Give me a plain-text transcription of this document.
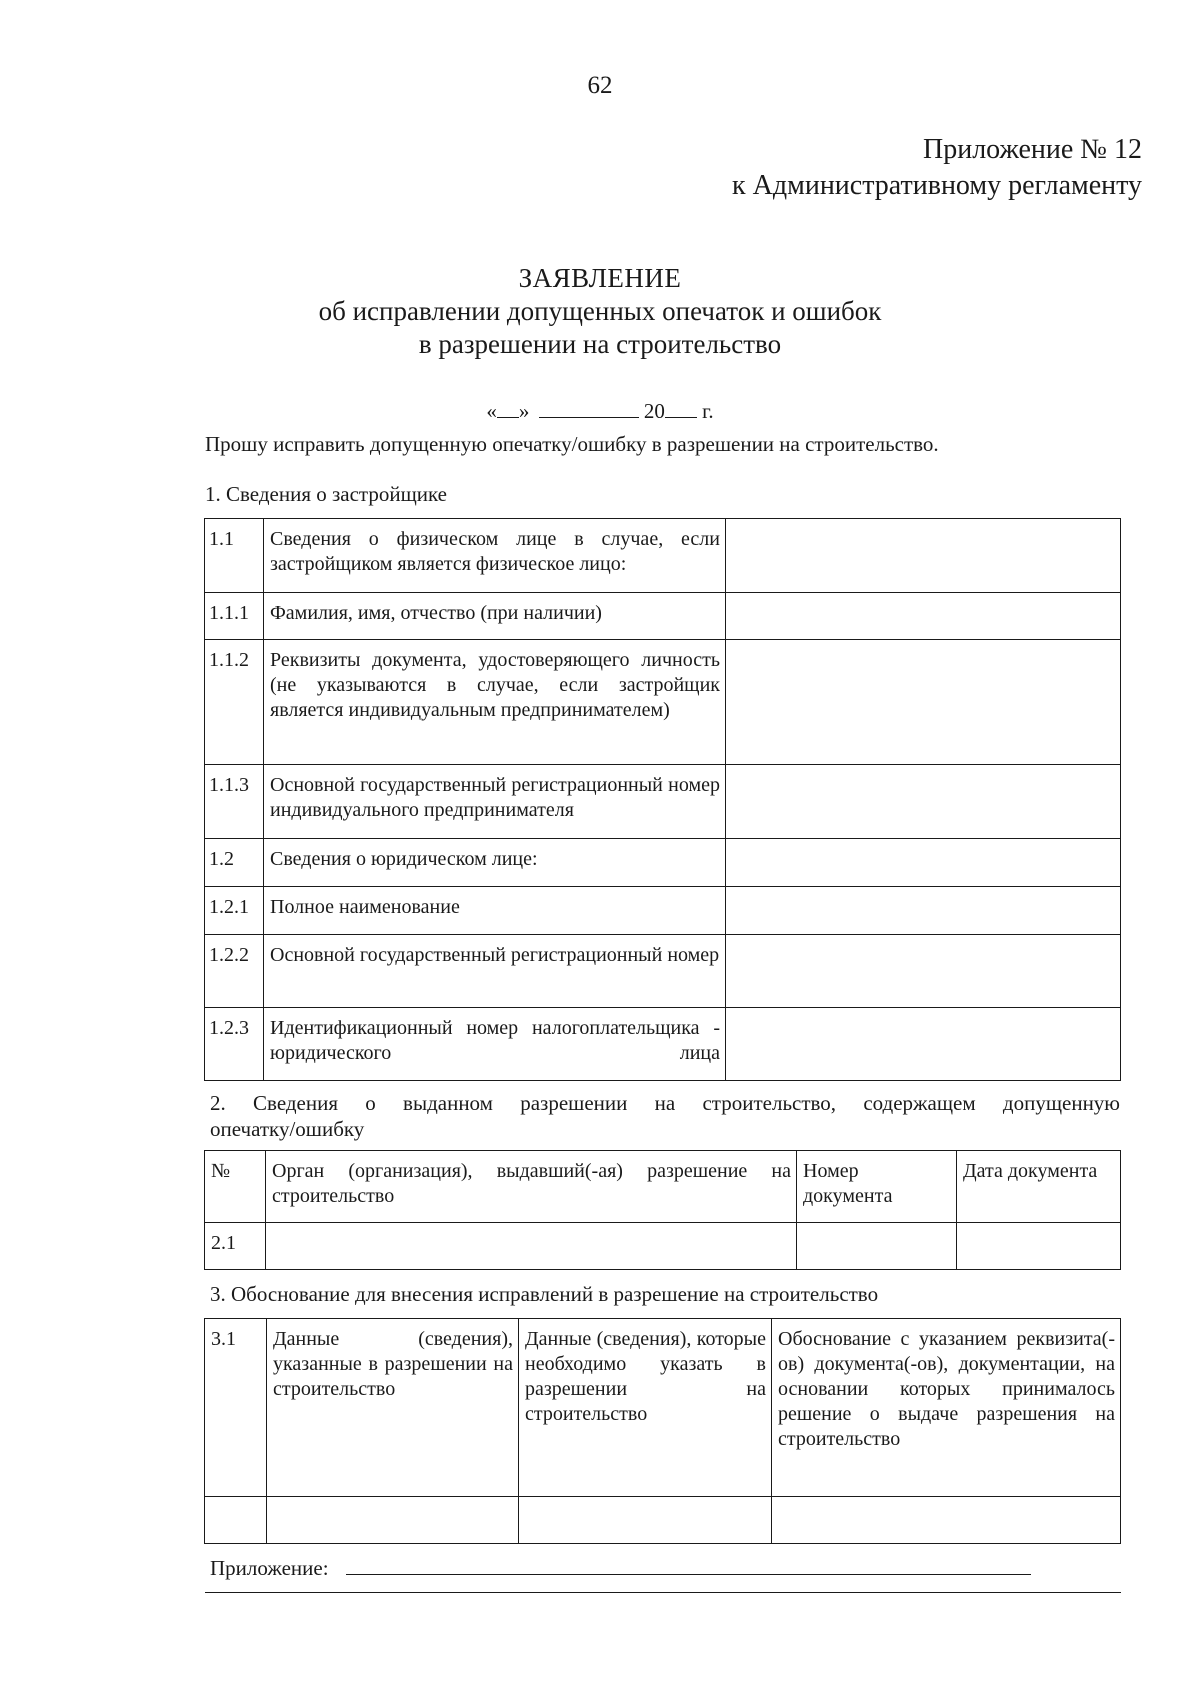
62
Приложение № 12
к Административному регламенту
ЗАЯВЛЕНИЕ
об исправлении допущенных опечаток и ошибок
в разрешении на строительство
« »	20 г.
Прошу исправить допущенную опечатку/ошибку в разрешении на строительство.
1. Сведения о застройщике
1.1	Сведения о физическом лице в случае, если застройщиком является физическое лицо:	
1.1.1	Фамилия, имя, отчество (при наличии)	
1.1.2	Реквизиты документа, удостоверяющего личность (не указываются в случае, если застройщик является индивидуальным предпринимателем)	
1.1.3	Основной государственный регистрационный номер индивидуального предпринимателя	
1.2	Сведения о юридическом лице:	
1.2.1	Полное наименование	
1.2.2	Основной государственный регистрационный номер	
1.2.3	Идентификационный номер налогоплательщика - юридического лица	
2. Сведения о выданном разрешении на строительство, содержащем допущенную
опечатку/ошибку
№	Орган (организация), выдавший(-ая) разрешение на строительство	Номер документа	Дата документа
2.1			
3. Обоснование для внесения исправлений в разрешение на строительство
3.1	Данные (сведения), указанные в разрешении на строительство	Данные (сведения), которые необходимо указать в разрешении на строительство	Обоснование с указанием реквизита(-ов) документа(-ов), документации, на основании которых принималось решение о выдаче разрешения на строительство

Приложение:
